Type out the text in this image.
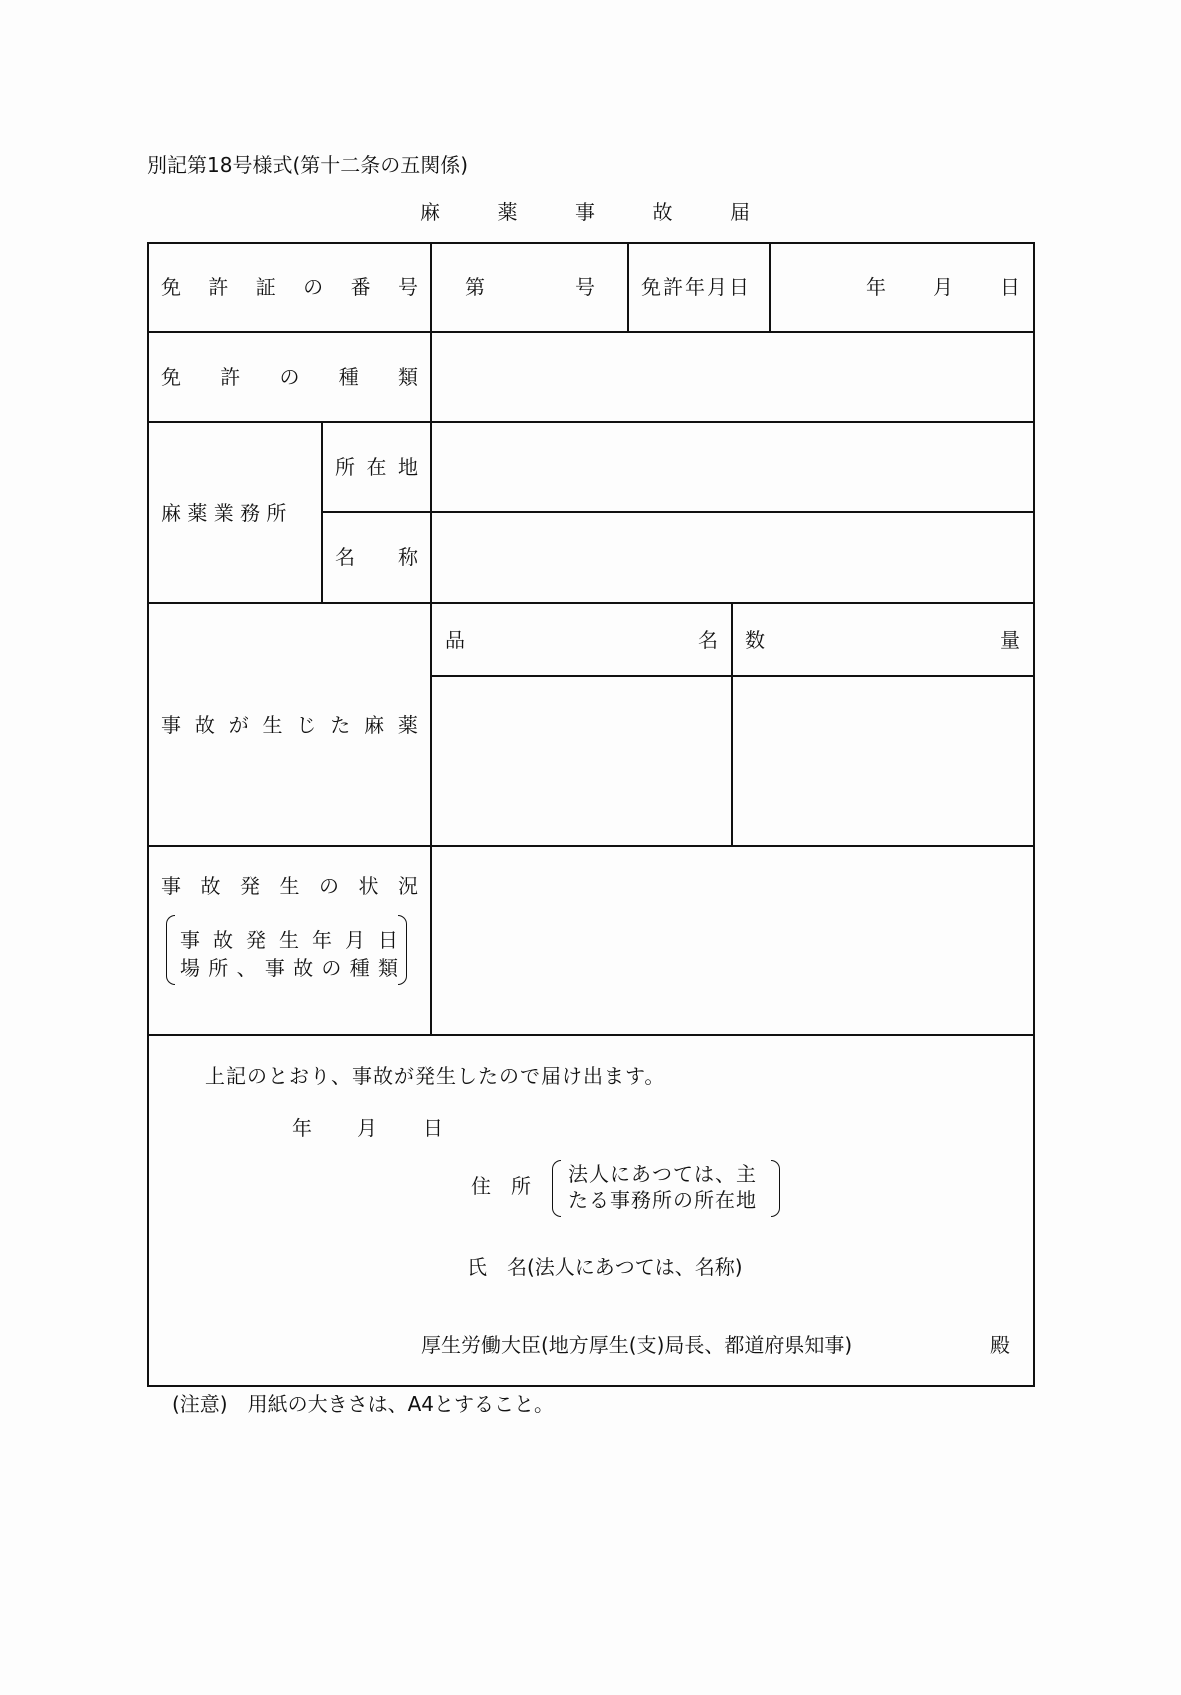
別記第18号様式(第十二条の五関係)
麻	薬	事	故	届
免 許 証 の 番 号 第	号 免許年月日	年 月 日
免 許 の 種 類
麻 薬 業 務 所
所 在 地
名 称
事 故 が 生 じ た 麻 薬
品	名 数	量
事 故 発 生 の 状 況
事 故 発 生 年 月 日
場 所 、 事 故 の 種 類
上記のとおり、事故が発生したので届け出ます。
年 月 日
住　所 法人にあつては、主
たる事務所の所在地
氏　名(法人にあつては、名称)
厚生労働大臣(地方厚生(支)局長、都道府県知事)	殿
(注意)　用紙の大きさは、A4とすること。
